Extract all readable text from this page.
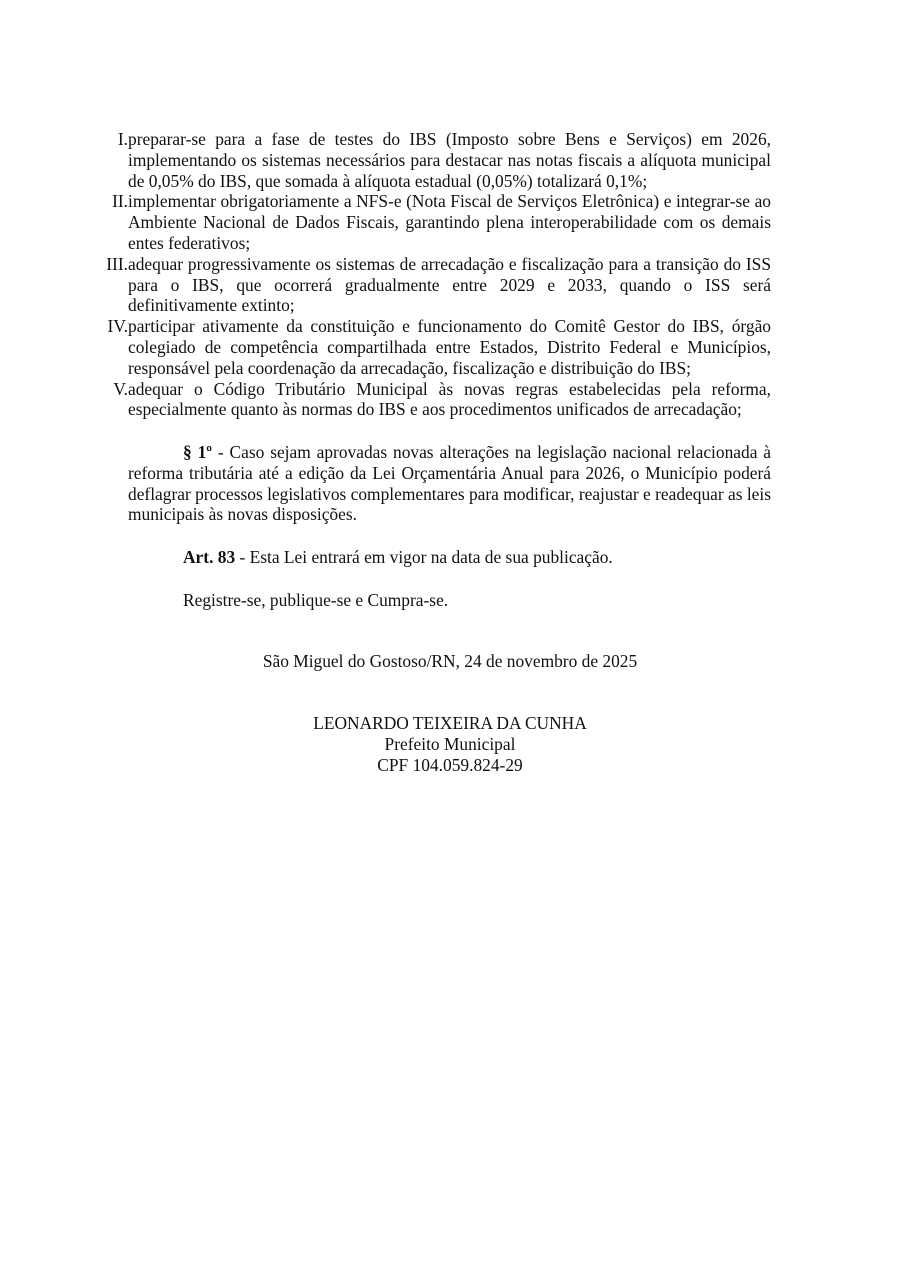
I. preparar-se para a fase de testes do IBS (Imposto sobre Bens e Serviços) em 2026, implementando os sistemas necessários para destacar nas notas fiscais a alíquota municipal de 0,05% do IBS, que somada à alíquota estadual (0,05%) totalizará 0,1%;
II. implementar obrigatoriamente a NFS-e (Nota Fiscal de Serviços Eletrônica) e integrar-se ao Ambiente Nacional de Dados Fiscais, garantindo plena interoperabilidade com os demais entes federativos;
III. adequar progressivamente os sistemas de arrecadação e fiscalização para a transição do ISS para o IBS, que ocorrerá gradualmente entre 2029 e 2033, quando o ISS será definitivamente extinto;
IV. participar ativamente da constituição e funcionamento do Comitê Gestor do IBS, órgão colegiado de competência compartilhada entre Estados, Distrito Federal e Municípios, responsável pela coordenação da arrecadação, fiscalização e distribuição do IBS;
V. adequar o Código Tributário Municipal às novas regras estabelecidas pela reforma, especialmente quanto às normas do IBS e aos procedimentos unificados de arrecadação;
§ 1º - Caso sejam aprovadas novas alterações na legislação nacional relacionada à reforma tributária até a edição da Lei Orçamentária Anual para 2026, o Município poderá deflagrar processos legislativos complementares para modificar, reajustar e readequar as leis municipais às novas disposições.
Art. 83 - Esta Lei entrará em vigor na data de sua publicação.
Registre-se, publique-se e Cumpra-se.
São Miguel do Gostoso/RN, 24 de novembro de 2025
LEONARDO TEIXEIRA DA CUNHA
Prefeito Municipal
CPF 104.059.824-29
